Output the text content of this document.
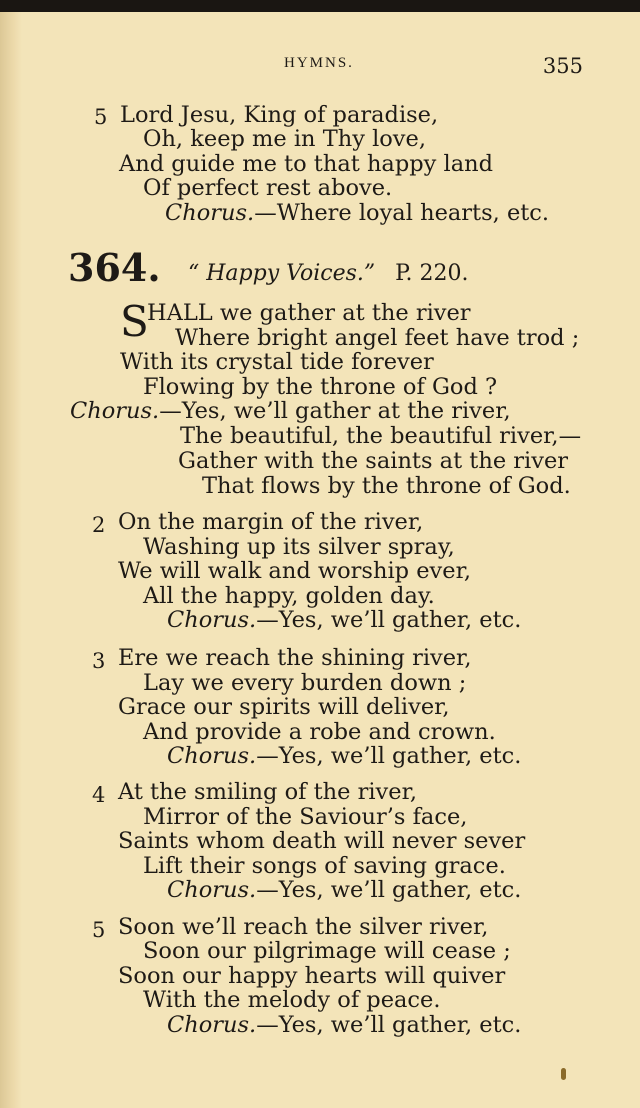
HYMNS.	355
5 Lord Jesu, King of paradise,
Oh, keep me in Thy love,
And guide me to that happy land
Of perfect rest above.
Chorus.—Where loyal hearts, etc.
364. “ Happy Voices.” P. 220.
S
HALL we gather at the river
Where bright angel feet have trod ;
With its crystal tide forever
Flowing by the throne of God ?
Chorus.—Yes, we’ll gather at the river,
The beautiful, the beautiful river,—
Gather with the saints at the river
That flows by the throne of God.
2 On the margin of the river,
Washing up its silver spray,
We will walk and worship ever,
All the happy, golden day.
Chorus.—Yes, we’ll gather, etc.
3 Ere we reach the shining river,
Lay we every burden down ;
Grace our spirits will deliver,
And provide a robe and crown.
Chorus.—Yes, we’ll gather, etc.
4 At the smiling of the river,
Mirror of the Saviour’s face,
Saints whom death will never sever
Lift their songs of saving grace.
Chorus.—Yes, we’ll gather, etc.
5 Soon we’ll reach the silver river,
Soon our pilgrimage will cease ;
Soon our happy hearts will quiver
With the melody of peace.
Chorus.—Yes, we’ll gather, etc.
